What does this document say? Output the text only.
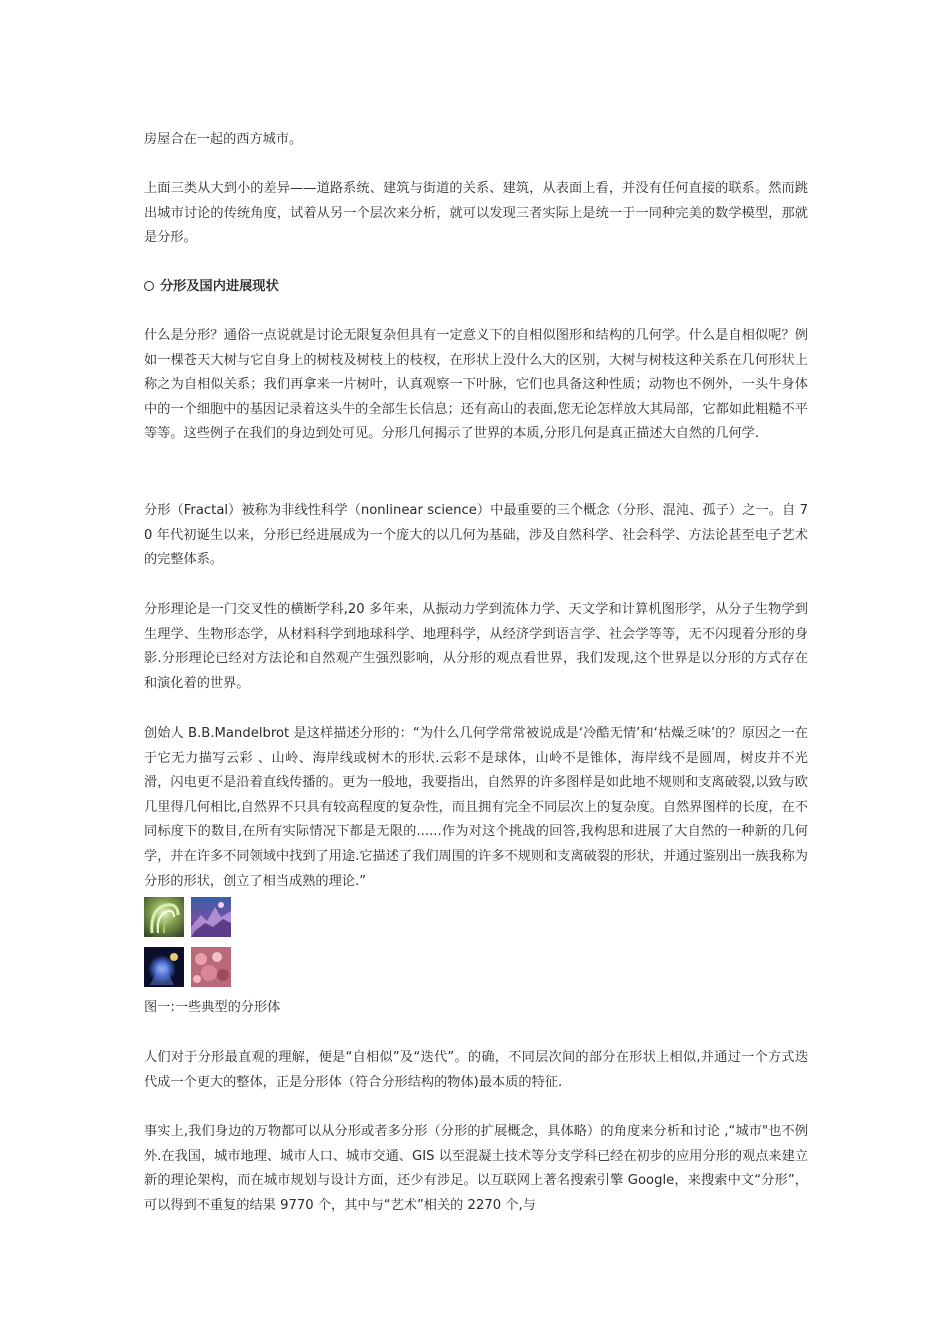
房屋合在一起的西方城市。

上面三类从大到小的差异——道路系统、建筑与街道的关系、建筑，从表面上看，并没有任何直接的联系。然而跳出城市讨论的传统角度，试着从另一个层次来分析，就可以发现三者实际上是统一于一同种完美的数学模型，那就是分形。

分形及国内进展现状

什么是分形？通俗一点说就是讨论无限复杂但具有一定意义下的自相似图形和结构的几何学。什么是自相似呢？例如一棵苍天大树与它自身上的树枝及树枝上的枝杈，在形状上没什么大的区别，大树与树枝这种关系在几何形状上称之为自相似关系；我们再拿来一片树叶，认真观察一下叶脉，它们也具备这种性质；动物也不例外，一头牛身体中的一个细胞中的基因记录着这头牛的全部生长信息；还有高山的表面,您无论怎样放大其局部，它都如此粗糙不平等等。这些例子在我们的身边到处可见。分形几何揭示了世界的本质,分形几何是真正描述大自然的几何学.

分形（Fractal）被称为非线性科学（nonlinear science）中最重要的三个概念（分形、混沌、孤子）之一。自 70 年代初诞生以来，分形已经进展成为一个庞大的以几何为基础，涉及自然科学、社会科学、方法论甚至电子艺术的完整体系。

分形理论是一门交叉性的横断学科,20 多年来，从振动力学到流体力学、天文学和计算机图形学，从分子生物学到生理学、生物形态学，从材料科学到地球科学、地理科学，从经济学到语言学、社会学等等，无不闪现着分形的身影.分形理论已经对方法论和自然观产生强烈影响，从分形的观点看世界，我们发现,这个世界是以分形的方式存在和演化着的世界。

创始人 B.B.Mandelbrot 是这样描述分形的：“为什么几何学常常被说成是‘冷酷无情’和‘枯燥乏味’的？原因之一在于它无力描写云彩 、山岭、海岸线或树木的形状.云彩不是球体，山岭不是锥体，海岸线不是圆周，树皮并不光滑，闪电更不是沿着直线传播的。更为一般地，我要指出，自然界的许多图样是如此地不规则和支离破裂,以致与欧几里得几何相比,自然界不只具有较高程度的复杂性，而且拥有完全不同层次上的复杂度。自然界图样的长度，在不同标度下的数目,在所有实际情况下都是无限的......作为对这个挑战的回答,我构思和进展了大自然的一种新的几何学，并在许多不同领域中找到了用途.它描述了我们周围的许多不规则和支离破裂的形状，并通过鉴别出一族我称为分形的形状，创立了相当成熟的理论.”

图一:一些典型的分形体

人们对于分形最直观的理解，便是“自相似”及“迭代”。的确，不同层次间的部分在形状上相似,并通过一个方式迭代成一个更大的整体，正是分形体（符合分形结构的物体)最本质的特征.

事实上,我们身边的万物都可以从分形或者多分形（分形的扩展概念，具体略）的角度来分析和讨论 ,“城市"也不例外.在我国，城市地理、城市人口、城市交通、GIS 以至混凝土技术等分支学科已经在初步的应用分形的观点来建立新的理论架构，而在城市规划与设计方面，还少有涉足。以互联网上著名搜索引擎 Google，来搜索中文“分形”，可以得到不重复的结果 9770 个，其中与“艺术”相关的 2270 个,与
